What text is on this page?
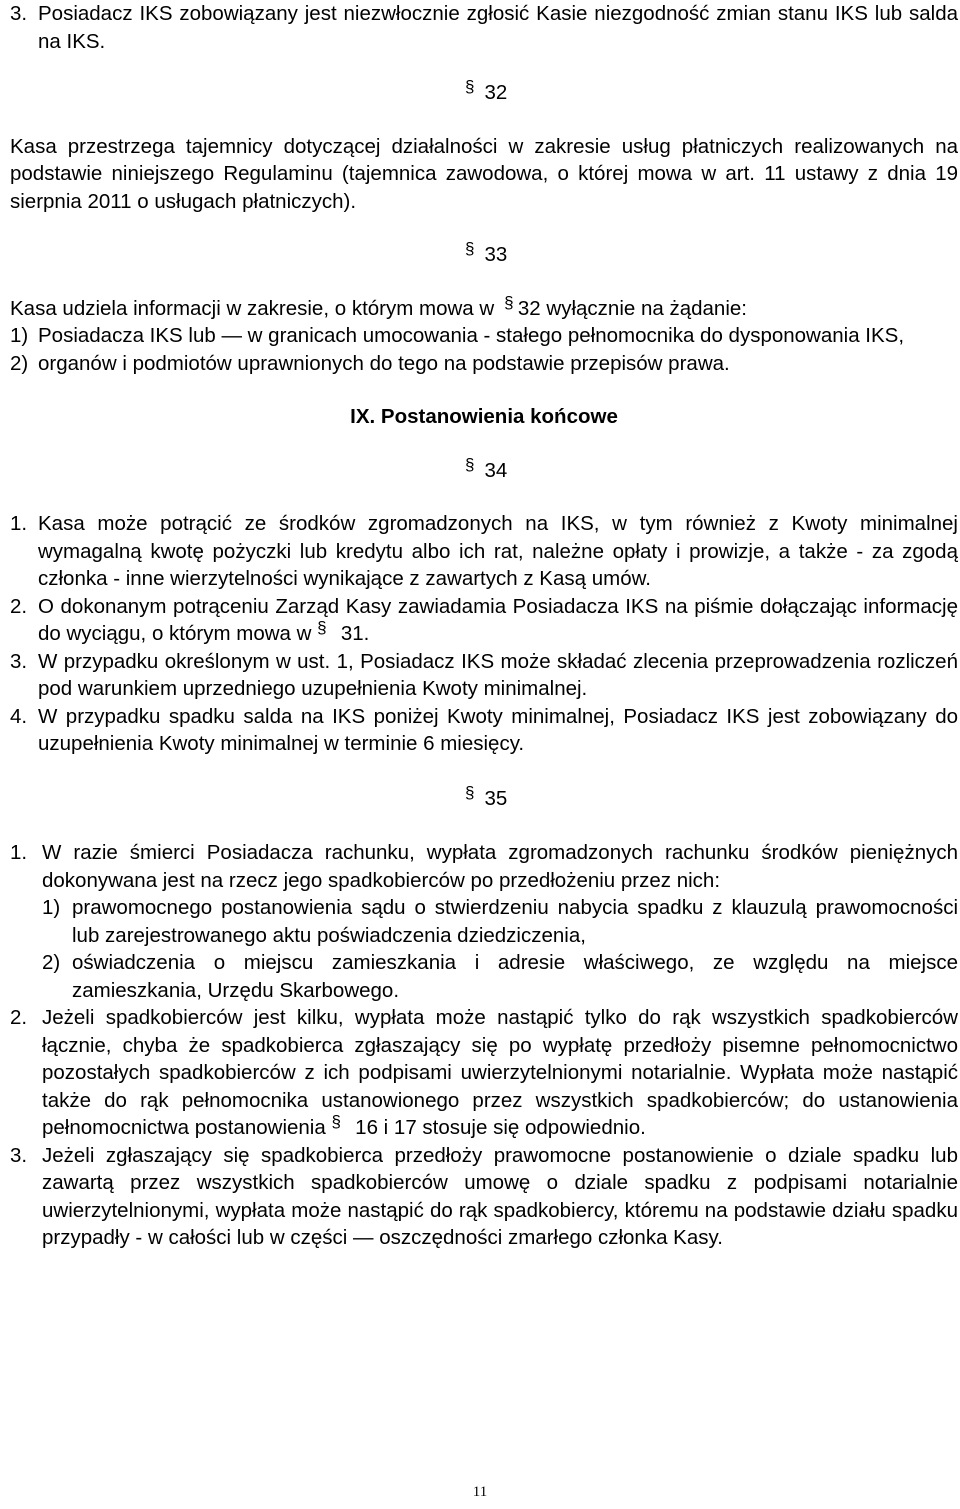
3. Posiadacz IKS zobowiązany jest niezwłocznie zgłosić Kasie niezgodność zmian stanu IKS lub salda na IKS.

§ 32

Kasa przestrzega tajemnicy dotyczącej działalności w zakresie usług płatniczych realizowanych na podstawie niniejszego Regulaminu (tajemnica zawodowa, o której mowa w art. 11 ustawy z dnia 19 sierpnia 2011 o usługach płatniczych).

§ 33

Kasa udziela informacji w zakresie, o którym mowa w § 32 wyłącznie na żądanie:

1) Posiadacza IKS lub — w granicach umocowania - stałego pełnomocnika do dysponowania IKS,

2) organów i podmiotów uprawnionych do tego na podstawie przepisów prawa.

IX. Postanowienia końcowe

§ 34

1. Kasa może potrącić ze środków zgromadzonych na IKS, w tym również z Kwoty minimalnej wymagalną kwotę pożyczki lub kredytu albo ich rat, należne opłaty i prowizje, a także - za zgodą członka - inne wierzytelności wynikające z zawartych z Kasą umów.

2. O dokonanym potrąceniu Zarząd Kasy zawiadamia Posiadacza IKS na piśmie dołączając informację do wyciągu, o którym mowa w § 31.

3. W przypadku określonym w ust. 1, Posiadacz IKS może składać zlecenia przeprowadzenia rozliczeń pod warunkiem uprzedniego uzupełnienia Kwoty minimalnej.

4. W przypadku spadku salda na IKS poniżej Kwoty minimalnej, Posiadacz IKS jest zobowiązany do uzupełnienia Kwoty minimalnej w terminie 6 miesięcy.

§ 35

1. W razie śmierci Posiadacza rachunku, wypłata zgromadzonych rachunku środków pieniężnych dokonywana jest na rzecz jego spadkobierców po przedłożeniu przez nich:

1) prawomocnego postanowienia sądu o stwierdzeniu nabycia spadku z klauzulą prawomocności lub zarejestrowanego aktu poświadczenia dziedziczenia,

2) oświadczenia o miejscu zamieszkania i adresie właściwego, ze względu na miejsce zamieszkania, Urzędu Skarbowego.

2. Jeżeli spadkobierców jest kilku, wypłata może nastąpić tylko do rąk wszystkich spadkobierców łącznie, chyba że spadkobierca zgłaszający się po wypłatę przedłoży pisemne pełnomocnictwo pozostałych spadkobierców z ich podpisami uwierzytelnionymi notarialnie. Wypłata może nastąpić także do rąk pełnomocnika ustanowionego przez wszystkich spadkobierców; do ustanowienia pełnomocnictwa postanowienia § 16 i 17 stosuje się odpowiednio.

3. Jeżeli zgłaszający się spadkobierca przedłoży prawomocne postanowienie o dziale spadku lub zawartą przez wszystkich spadkobierców umowę o dziale spadku z podpisami notarialnie uwierzytelnionymi, wypłata może nastąpić do rąk spadkobiercy, któremu na podstawie działu spadku przypadły - w całości lub w części — oszczędności zmarłego członka Kasy.

11
